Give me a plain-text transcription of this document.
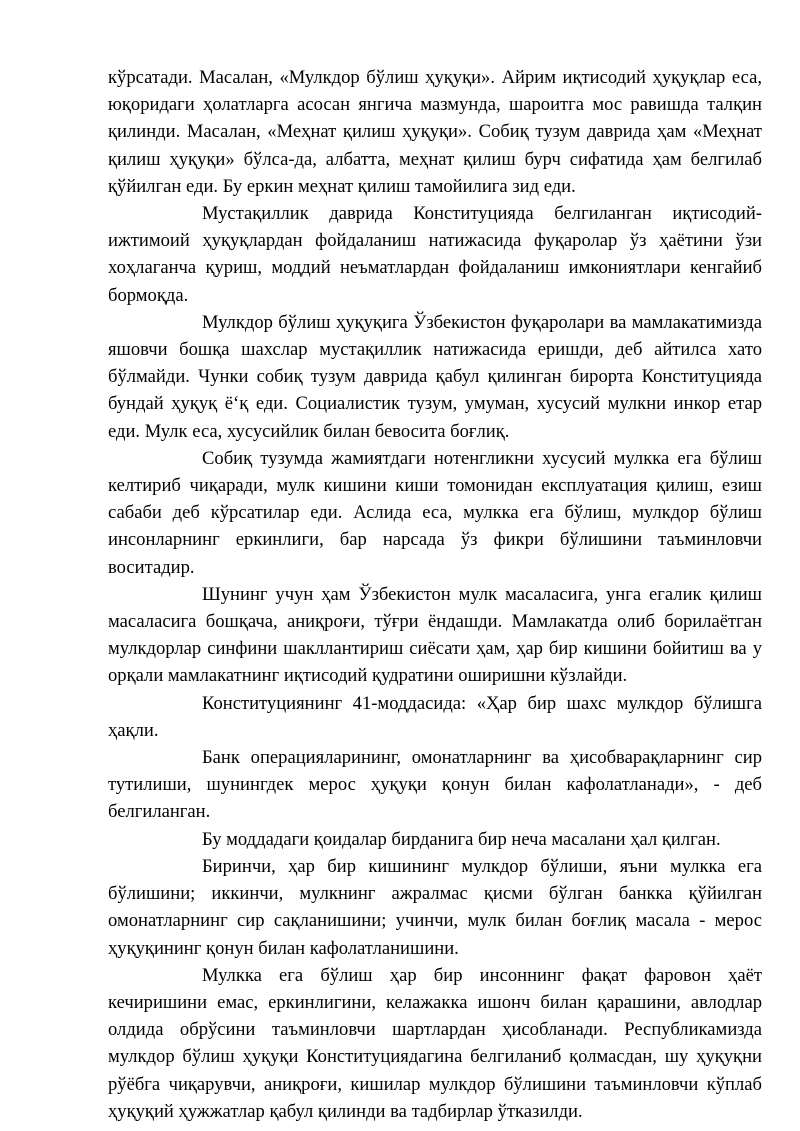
кўрсатади. Масалан, «Мулкдор бўлиш ҳуқуқи». Айрим иқтисодий ҳуқуқлар еса, юқоридаги ҳолатларга асосан янгича мазмунда, шароитга мос равишда талқин қилинди. Масалан, «Меҳнат қилиш ҳуқуқи». Собиқ тузум даврида ҳам «Меҳнат қилиш ҳуқуқи» бўлса-да, албатта, меҳнат қилиш бурч сифатида ҳам белгилаб қўйилган еди. Бу еркин меҳнат қилиш тамойилига зид еди.

Мустақиллик даврида Конституцияда белгиланган иқтисодий-ижтимоий ҳуқуқлардан фойдаланиш натижасида фуқаролар ўз ҳаётини ўзи хоҳлаганча қуриш, моддий неъматлардан фойдаланиш имкониятлари кенгайиб бормоқда.

Мулкдор бўлиш ҳуқуқига Ўзбекистон фуқаролари ва мамлакатимизда яшовчи бошқа шахслар мустақиллик натижасида еришди, деб айтилса хато бўлмайди. Чунки собиқ тузум даврида қабул қилинган бирорта Конституцияда бундай ҳуқуқ ёʻқ еди. Социалистик тузум, умуман, хусусий мулкни инкор етар еди. Мулк еса, хусусийлик билан бевосита боғлиқ.

Собиқ тузумда жамиятдаги нотенгликни хусусий мулкка ега бўлиш келтириб чиқаради, мулк кишини киши томонидан експлуатация қилиш, езиш сабаби деб кўрсатилар еди. Аслида еса, мулкка ега бўлиш, мулкдор бўлиш инсонларнинг еркинлиги, бар нарсада ўз фикри бўлишини таъминловчи воситадир.

Шунинг учун ҳам Ўзбекистон мулк масаласига, унга егалик қилиш масаласига бошқача, аниқроғи, тўғри ёндашди. Мамлакатда олиб борилаётган мулкдорлар синфини шакллантириш сиёсати ҳам, ҳар бир кишини бойитиш ва у орқали мамлакатнинг иқтисодий қудратини оширишни кўзлайди.

Конституциянинг 41-моддасида: «Ҳар бир шахс мулкдор бўлишга ҳақли.

Банк операцияларининг, омонатларнинг ва ҳисобварақларнинг сир тутилиши, шунингдек мерос ҳуқуқи қонун билан кафолатланади», - деб белгиланган.

Бу моддадаги қоидалар бирданига бир неча масалани ҳал қилган.

Биринчи, ҳар бир кишининг мулкдор бўлиши, яъни мулкка ега бўлишини; иккинчи, мулкнинг ажралмас қисми бўлган банкка қўйилган омонатларнинг сир сақланишини; учинчи, мулк билан боғлиқ масала - мерос ҳуқуқининг қонун билан кафолатланишини.

Мулкка ега бўлиш ҳар бир инсоннинг фақат фаровон ҳаёт кечиришини емас, еркинлигини, келажакка ишонч билан қарашини, авлодлар олдида обрўсини таъминловчи шартлардан ҳисобланади. Республикамизда мулкдор бўлиш ҳуқуқи Конституциядагина белгиланиб қолмасдан, шу ҳуқуқни рўёбга чиқарувчи, аниқроғи, кишилар мулкдор бўлишини таъминловчи кўплаб ҳуқуқий ҳужжатлар қабул қилинди ва тадбирлар ўтказилди.
